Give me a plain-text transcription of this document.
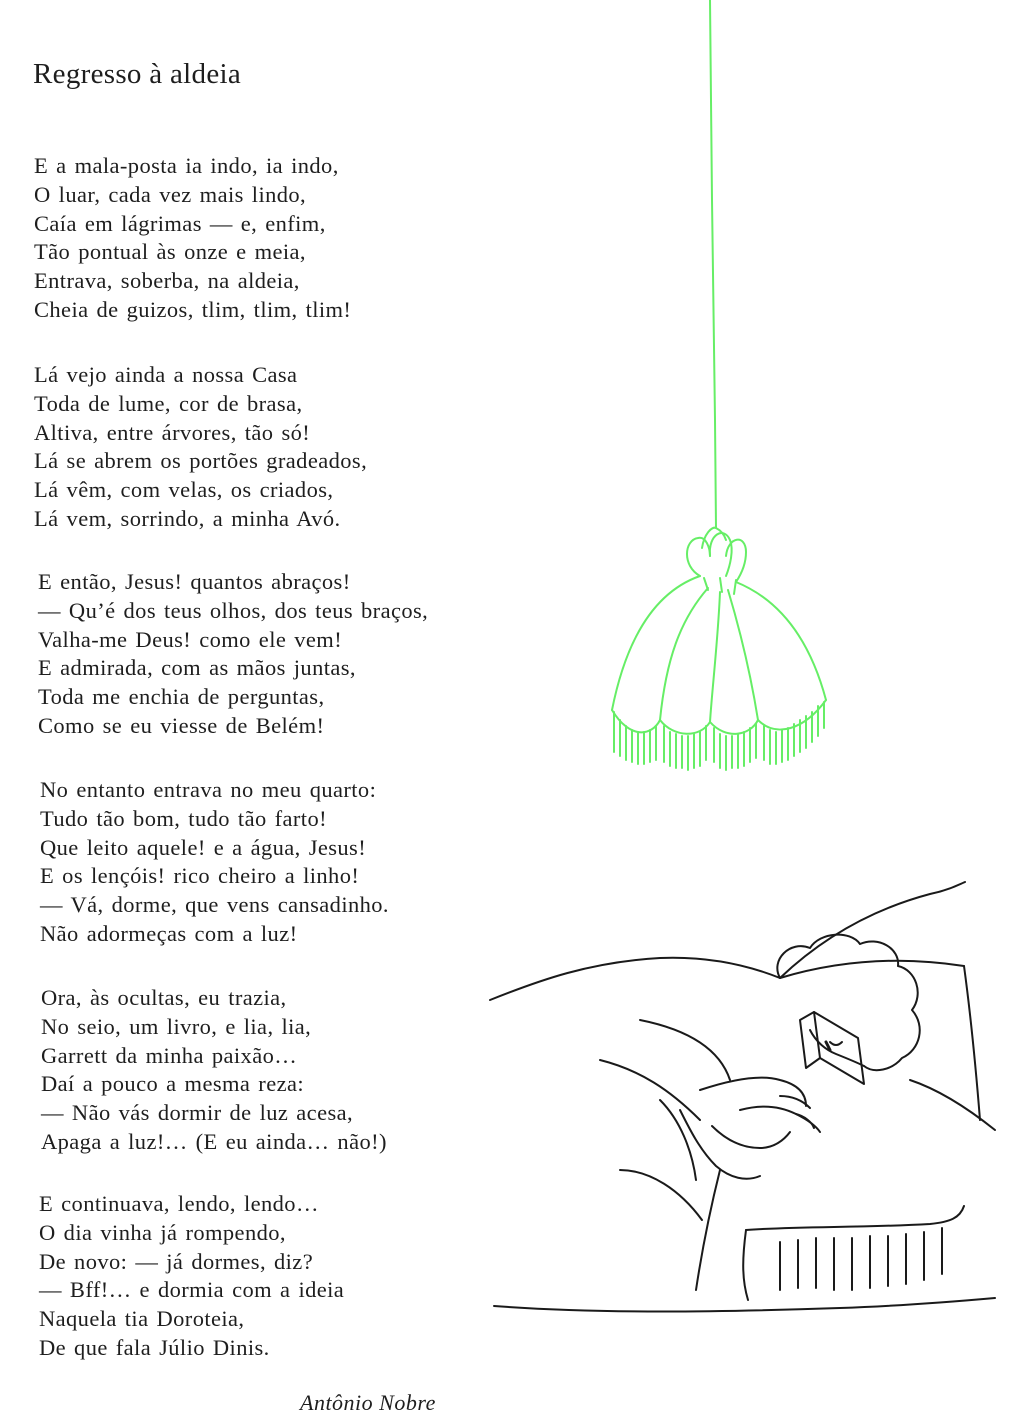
Regresso à aldeia
E a mala-posta ia indo, ia indo,
O luar, cada vez mais lindo,
Caía em lágrimas — e, enfim,
Tão pontual às onze e meia,
Entrava, soberba, na aldeia,
Cheia de guizos, tlim, tlim, tlim!
Lá vejo ainda a nossa Casa
Toda de lume, cor de brasa,
Altiva, entre árvores, tão só!
Lá se abrem os portões gradeados,
Lá vêm, com velas, os criados,
Lá vem, sorrindo, a minha Avó.
E então, Jesus! quantos abraços!
— Qu’é dos teus olhos, dos teus braços,
Valha-me Deus! como ele vem!
E admirada, com as mãos juntas,
Toda me enchia de perguntas,
Como se eu viesse de Belém!
No entanto entrava no meu quarto:
Tudo tão bom, tudo tão farto!
Que leito aquele! e a água, Jesus!
E os lençóis! rico cheiro a linho!
— Vá, dorme, que vens cansadinho.
Não adormeças com a luz!
Ora, às ocultas, eu trazia,
No seio, um livro, e lia, lia,
Garrett da minha paixão…
Daí a pouco a mesma reza:
— Não vás dormir de luz acesa,
Apaga a luz!… (E eu ainda… não!)
E continuava, lendo, lendo…
O dia vinha já rompendo,
De novo: — já dormes, diz?
— Bff!… e dormia com a ideia
Naquela tia Doroteia,
De que fala Júlio Dinis.
Antônio Nobre
